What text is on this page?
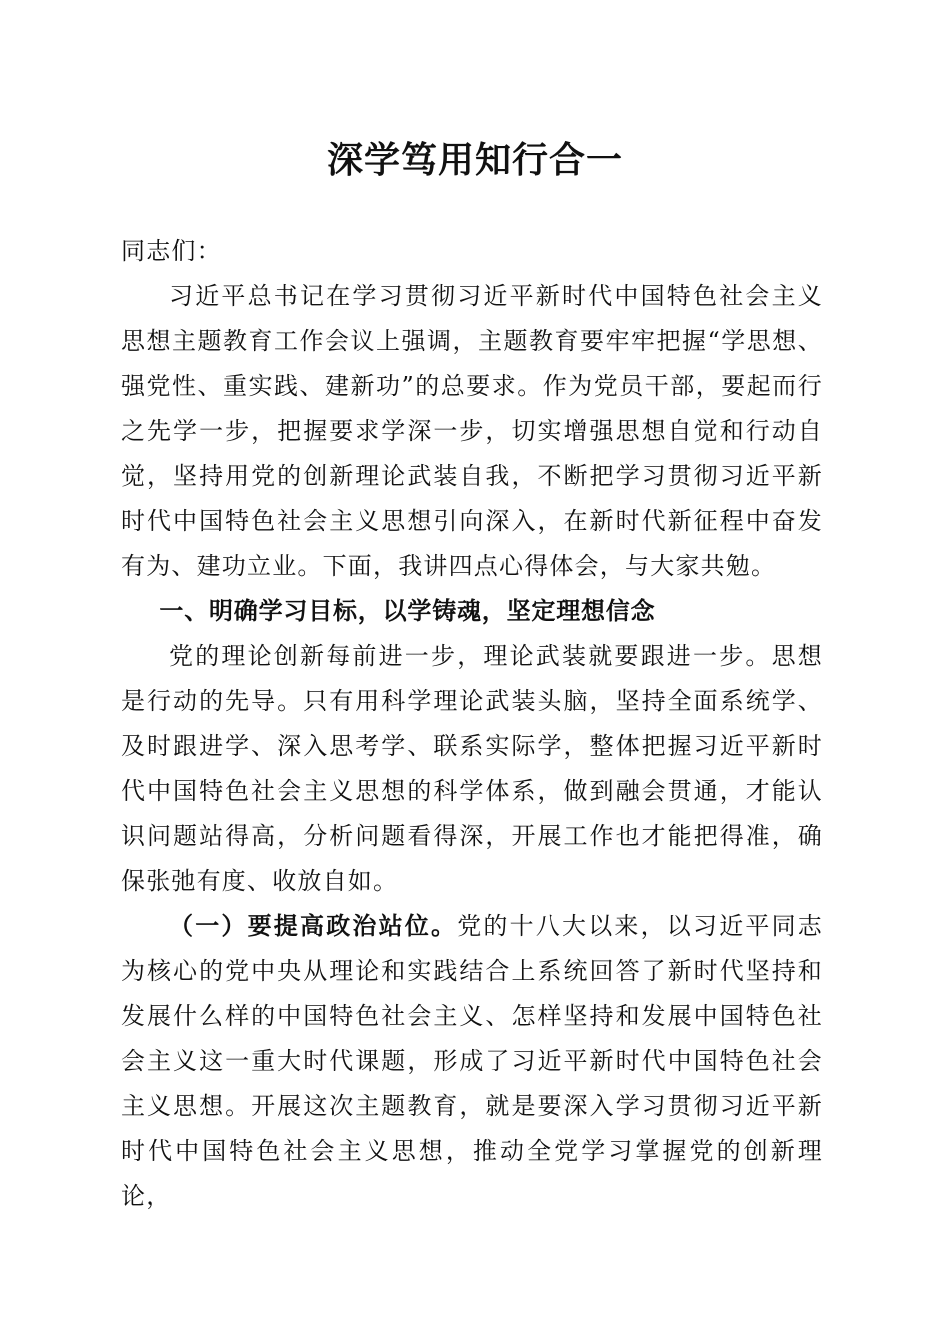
深学笃用知行合一

同志们：

习近平总书记在学习贯彻习近平新时代中国特色社会主义思想主题教育工作会议上强调，主题教育要牢牢把握“学思想、强党性、重实践、建新功”的总要求。作为党员干部，要起而行之先学一步，把握要求学深一步，切实增强思想自觉和行动自觉，坚持用党的创新理论武装自我，不断把学习贯彻习近平新时代中国特色社会主义思想引向深入，在新时代新征程中奋发有为、建功立业。下面，我讲四点心得体会，与大家共勉。

一、明确学习目标，以学铸魂，坚定理想信念

党的理论创新每前进一步，理论武装就要跟进一步。思想是行动的先导。只有用科学理论武装头脑，坚持全面系统学、及时跟进学、深入思考学、联系实际学，整体把握习近平新时代中国特色社会主义思想的科学体系，做到融会贯通，才能认识问题站得高，分析问题看得深，开展工作也才能把得准，确保张弛有度、收放自如。

（一）要提高政治站位。党的十八大以来，以习近平同志为核心的党中央从理论和实践结合上系统回答了新时代坚持和发展什么样的中国特色社会主义、怎样坚持和发展中国特色社会主义这一重大时代课题，形成了习近平新时代中国特色社会主义思想。开展这次主题教育，就是要深入学习贯彻习近平新时代中国特色社会主义思想，推动全党学习掌握党的创新理论，
